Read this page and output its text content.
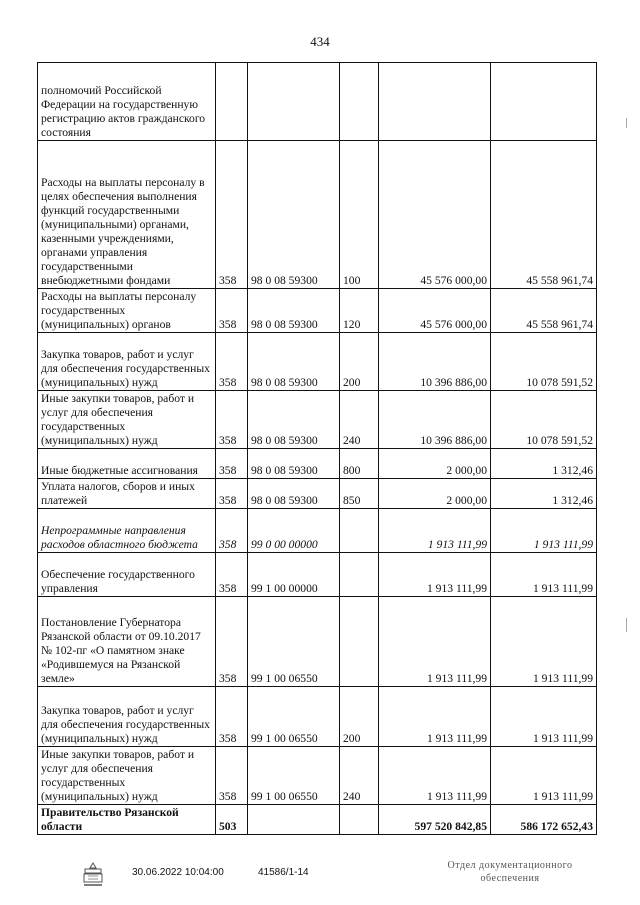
434
полномочий Российской Федерации на государственную регистрацию актов гражданского состояния					
Расходы на выплаты персоналу в целях обеспечения выполнения функций государственными (муниципальными) органами, казенными учреждениями, органами управления государственными внебюджетными фондами	358	98 0 08 59300	100	45 576 000,00	45 558 961,74
Расходы на выплаты персоналу государственных (муниципальных) органов	358	98 0 08 59300	120	45 576 000,00	45 558 961,74
Закупка товаров, работ и услуг для обеспечения государственных (муниципальных) нужд	358	98 0 08 59300	200	10 396 886,00	10 078 591,52
Иные закупки товаров, работ и услуг для обеспечения государственных (муниципальных) нужд	358	98 0 08 59300	240	10 396 886,00	10 078 591,52
Иные бюджетные ассигнования	358	98 0 08 59300	800	2 000,00	1 312,46
Уплата налогов, сборов и иных платежей	358	98 0 08 59300	850	2 000,00	1 312,46
Непрограммные направления расходов областного бюджета	358	99 0 00 00000		1 913 111,99	1 913 111,99
Обеспечение государственного управления	358	99 1 00 00000		1 913 111,99	1 913 111,99
Постановление Губернатора Рязанской области от 09.10.2017 № 102-пг «О памятном знаке «Родившемуся на Рязанской земле»	358	99 1 00 06550		1 913 111,99	1 913 111,99
Закупка товаров, работ и услуг для обеспечения государственных (муниципальных) нужд	358	99 1 00 06550	200	1 913 111,99	1 913 111,99
Иные закупки товаров, работ и услуг для обеспечения государственных (муниципальных) нужд	358	99 1 00 06550	240	1 913 111,99	1 913 111,99
Правительство Рязанской области	503			597 520 842,85	586 172 652,43
30.06.2022 10:04:00	41586/1-14
Отдел документационного
обеспечения
